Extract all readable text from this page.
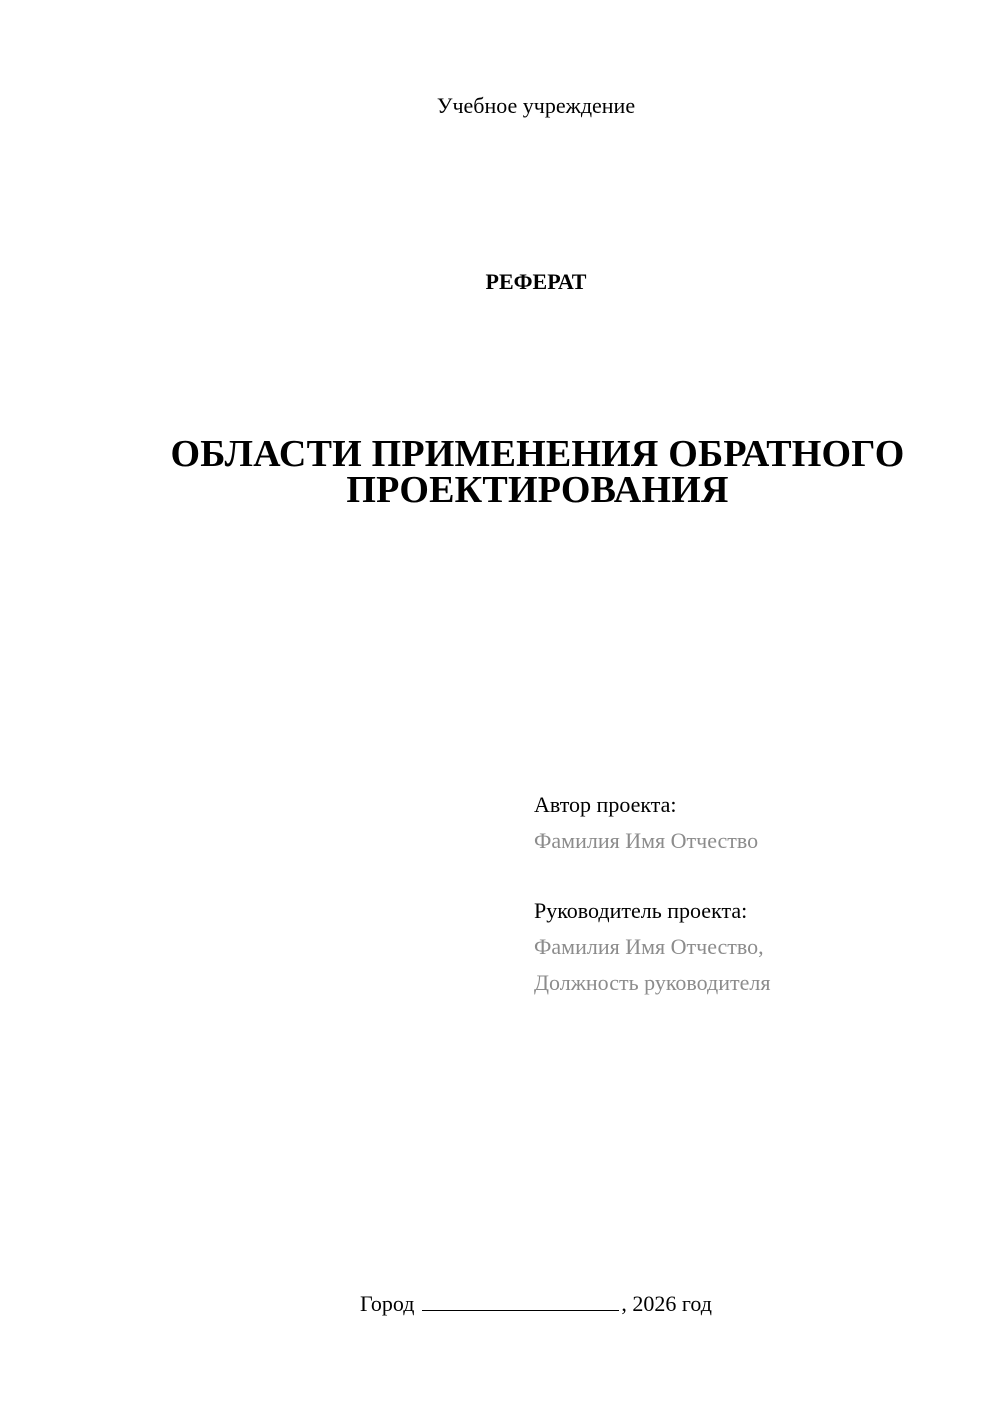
Учебное учреждение
РЕФЕРАТ
ОБЛАСТИ ПРИМЕНЕНИЯ ОБРАТНОГО
ПРОЕКТИРОВАНИЯ
Автор проекта:
Фамилия Имя Отчество
Руководитель проекта:
Фамилия Имя Отчество,
Должность руководителя
Город	, 2026 год
